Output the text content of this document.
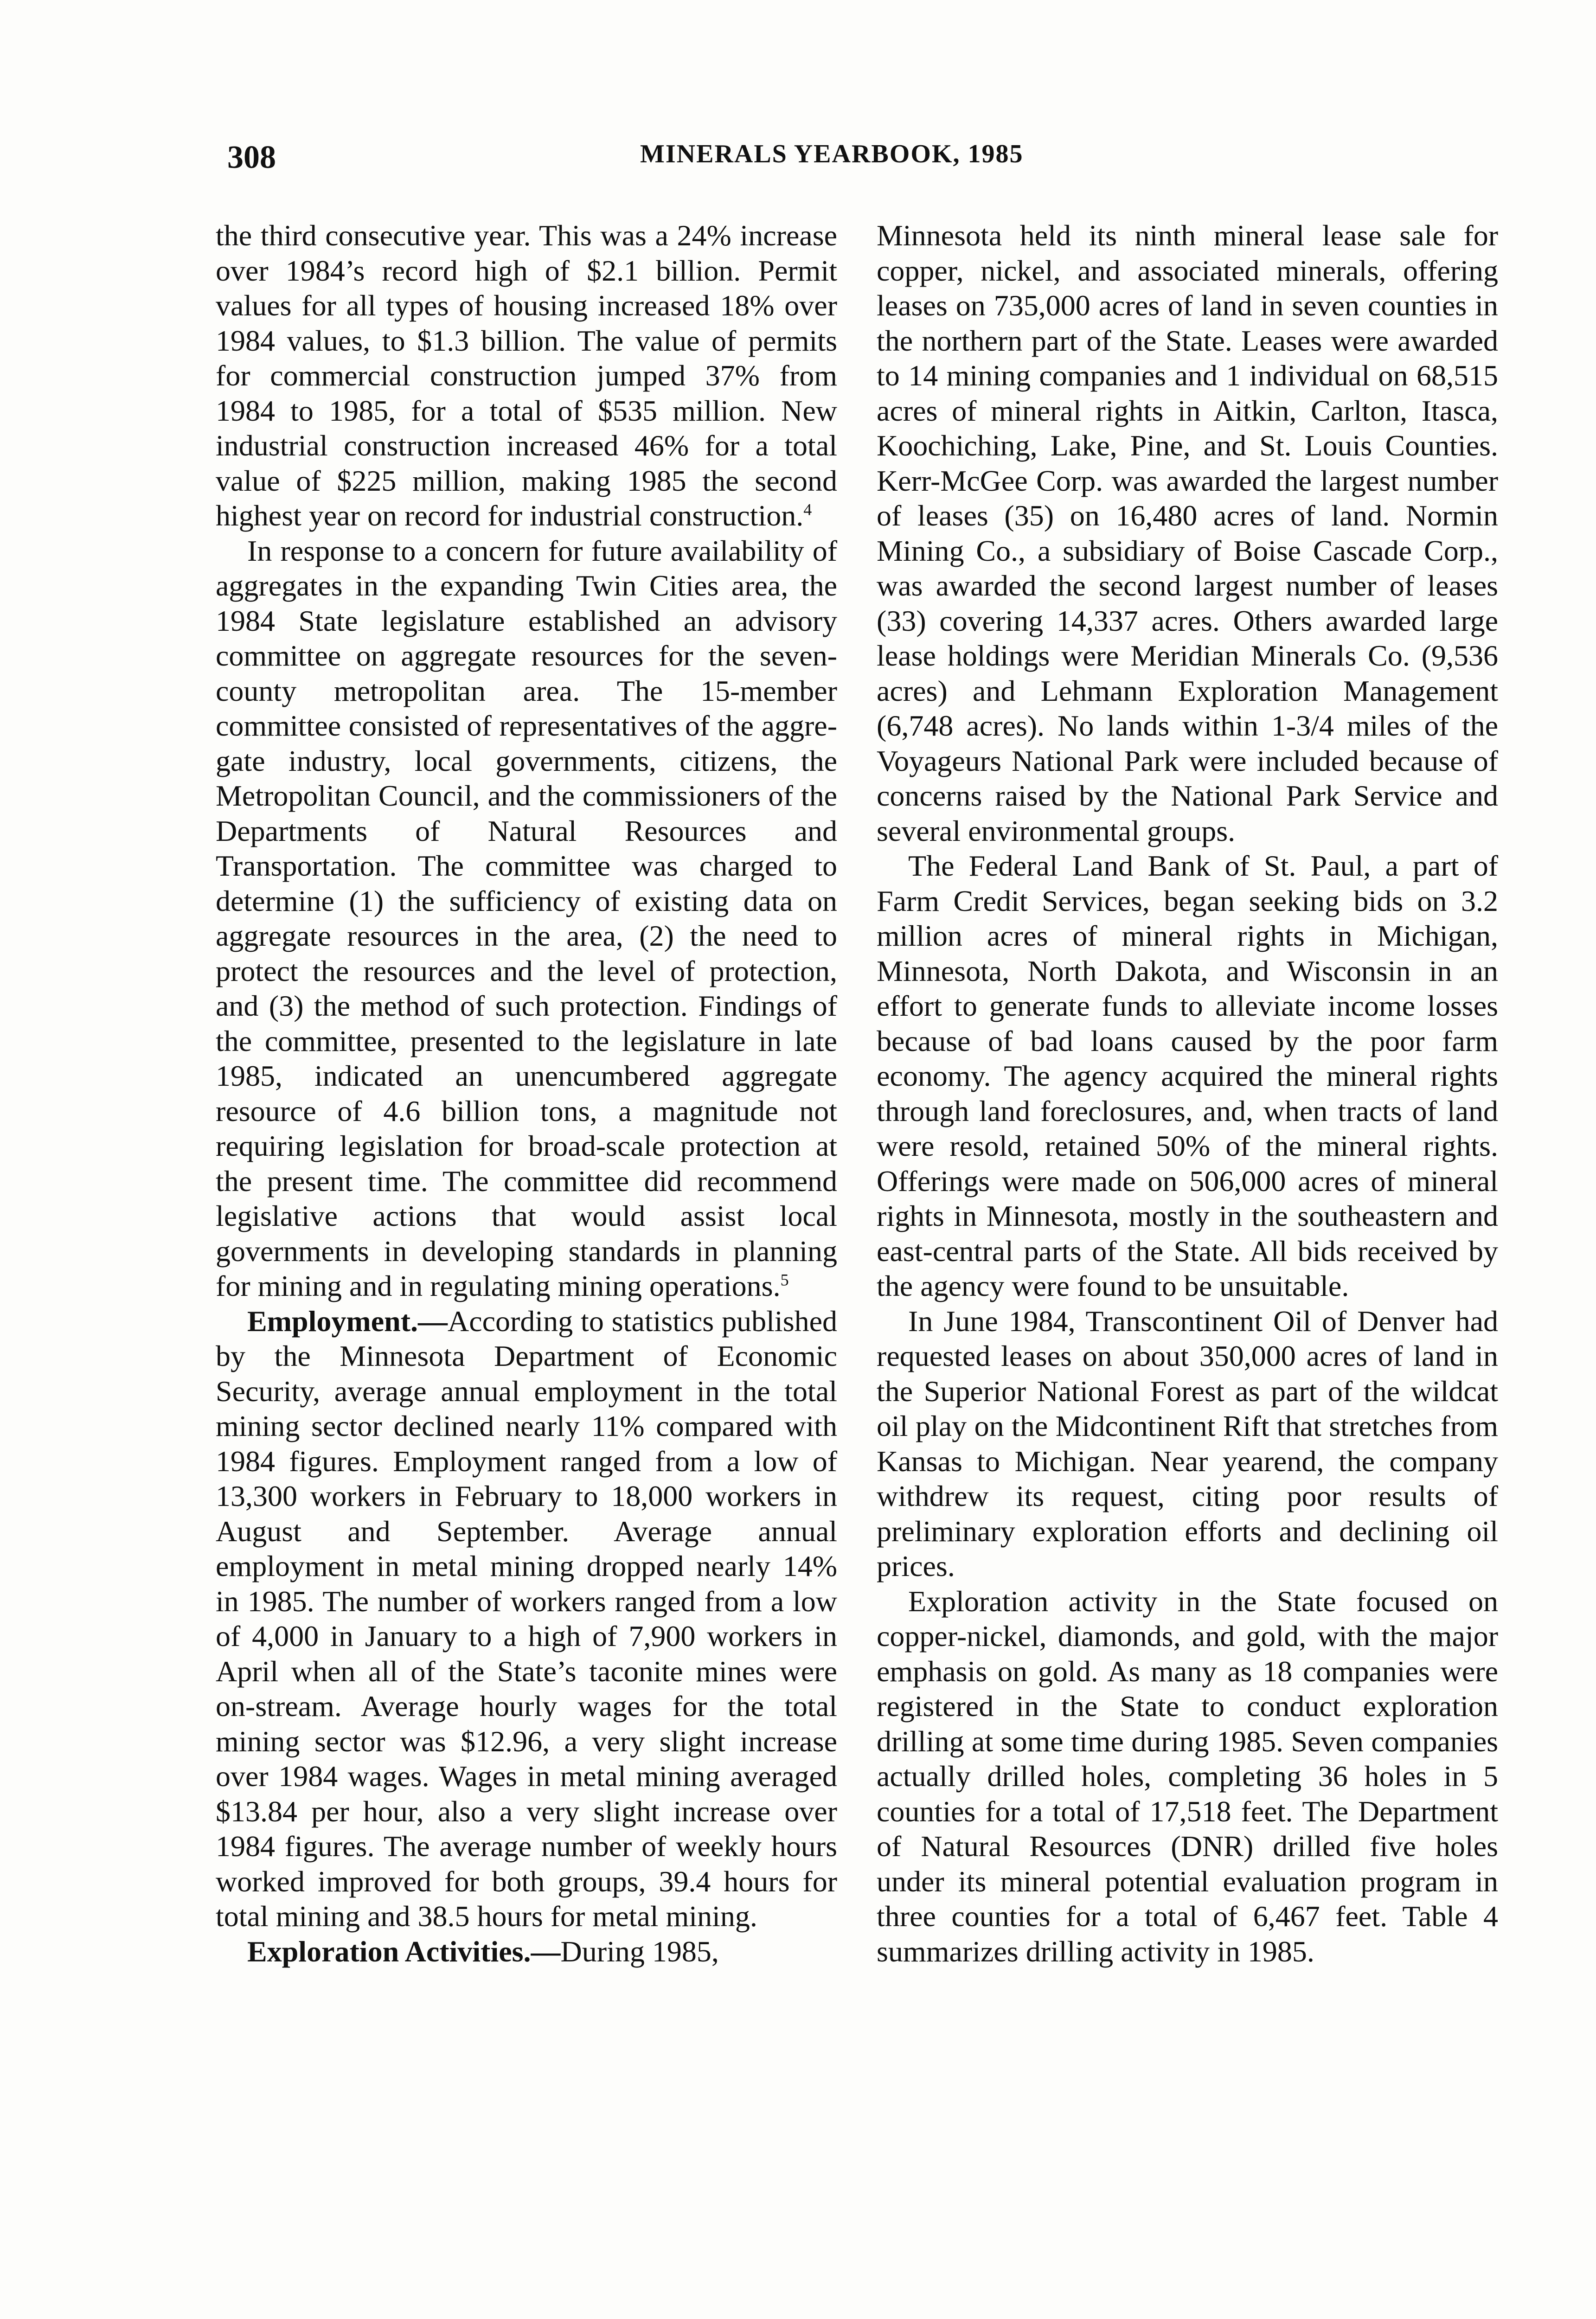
308	MINERALS YEARBOOK, 1985

the third consecutive year. This was a 24% increase over 1984’s record high of $2.1 billion. Permit values for all types of housing increased 18% over 1984 values, to $1.3 billion. The value of permits for commercial construction jumped 37% from 1984 to 1985, for a total of $535 million. New industrial construction increased 46% for a total value of $225 million, making 1985 the second highest year on record for industrial construction.$^4$

In response to a concern for future availability of aggregates in the expanding Twin Cities area, the 1984 State legislature established an advisory committee on aggregate resources for the seven-county metropolitan area. The 15-member committee consisted of representatives of the aggregate industry, local governments, citizens, the Metropolitan Council, and the commissioners of the Departments of Natural Resources and Transportation. The committee was charged to determine (1) the sufficiency of existing data on aggregate resources in the area, (2) the need to protect the resources and the level of protection, and (3) the method of such protection. Findings of the committee, presented to the legislature in late 1985, indicated an unencumbered aggregate resource of 4.6 billion tons, a magnitude not requiring legislation for broad-scale protection at the present time. The committee did recommend legislative actions that would assist local governments in developing standards in planning for mining and in regulating mining operations.$^5$

Employment.—According to statistics published by the Minnesota Department of Economic Security, average annual employment in the total mining sector declined nearly 11% compared with 1984 figures. Employment ranged from a low of 13,300 workers in February to 18,000 workers in August and September. Average annual employment in metal mining dropped nearly 14% in 1985. The number of workers ranged from a low of 4,000 in January to a high of 7,900 workers in April when all of the State’s taconite mines were on-stream. Average hourly wages for the total mining sector was $12.96, a very slight increase over 1984 wages. Wages in metal mining averaged $13.84 per hour, also a very slight increase over 1984 figures. The average number of weekly hours worked improved for both groups, 39.4 hours for total mining and 38.5 hours for metal mining.

Exploration Activities.—During 1985,

Minnesota held its ninth mineral lease sale for copper, nickel, and associated minerals, offering leases on 735,000 acres of land in seven counties in the northern part of the State. Leases were awarded to 14 mining companies and 1 individual on 68,515 acres of mineral rights in Aitkin, Carlton, Itasca, Koochiching, Lake, Pine, and St. Louis Counties. Kerr-McGee Corp. was awarded the largest number of leases (35) on 16,480 acres of land. Normin Mining Co., a subsidiary of Boise Cascade Corp., was awarded the second largest number of leases (33) covering 14,337 acres. Others awarded large lease holdings were Meridian Minerals Co. (9,536 acres) and Lehmann Exploration Management (6,748 acres). No lands within 1-3/4 miles of the Voyageurs National Park were included because of concerns raised by the National Park Service and several environmental groups.

The Federal Land Bank of St. Paul, a part of Farm Credit Services, began seeking bids on 3.2 million acres of mineral rights in Michigan, Minnesota, North Dakota, and Wisconsin in an effort to generate funds to alleviate income losses because of bad loans caused by the poor farm economy. The agency acquired the mineral rights through land foreclosures, and, when tracts of land were resold, retained 50% of the mineral rights. Offerings were made on 506,000 acres of mineral rights in Minnesota, mostly in the southeastern and east-central parts of the State. All bids received by the agency were found to be unsuitable.

In June 1984, Transcontinent Oil of Denver had requested leases on about 350,000 acres of land in the Superior National Forest as part of the wildcat oil play on the Midcontinent Rift that stretches from Kansas to Michigan. Near yearend, the company withdrew its request, citing poor results of preliminary exploration efforts and declining oil prices.

Exploration activity in the State focused on copper-nickel, diamonds, and gold, with the major emphasis on gold. As many as 18 companies were registered in the State to conduct exploration drilling at some time during 1985. Seven companies actually drilled holes, completing 36 holes in 5 counties for a total of 17,518 feet. The Department of Natural Resources (DNR) drilled five holes under its mineral potential evaluation program in three counties for a total of 6,467 feet. Table 4 summarizes drilling activity in 1985.
